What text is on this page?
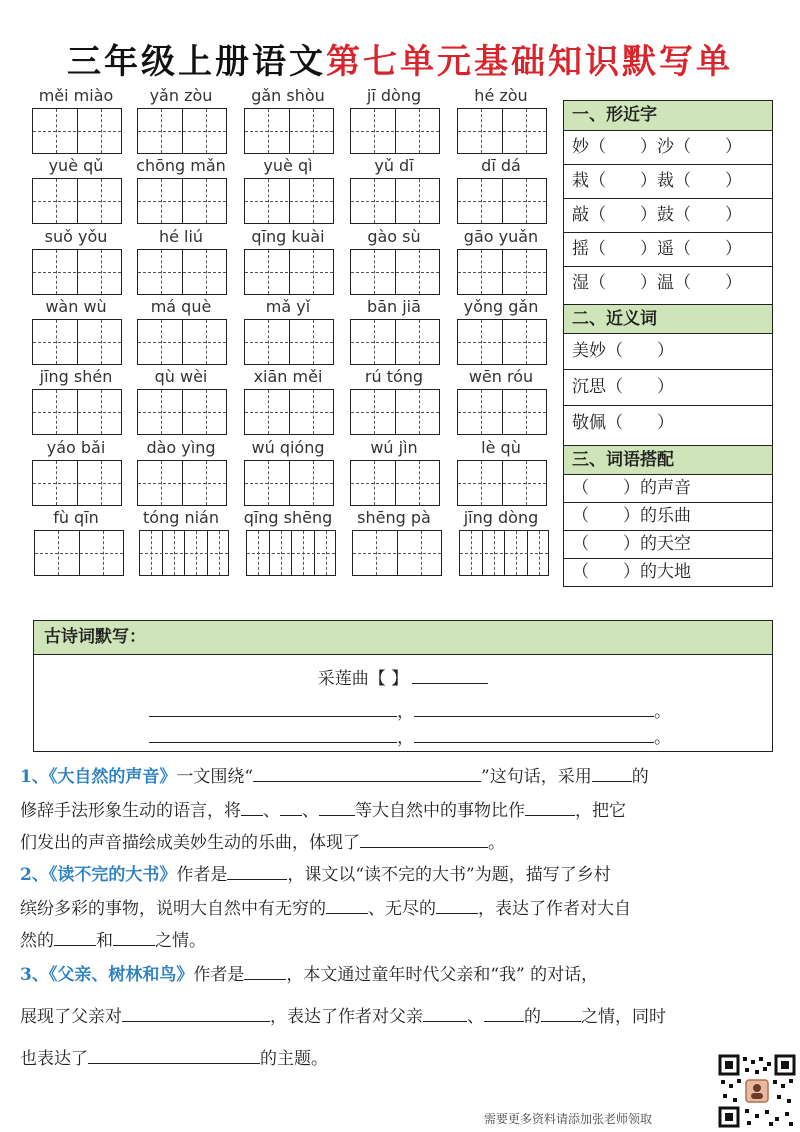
三年级上册语文第七单元基础知识默写单
měi miào	yǎn zòu	gǎn shòu	jī dòng	hé zòu
yuè qǔ	chōng mǎn	yuè qì	yǔ dī	dī dá
suǒ yǒu	hé liú	qīng kuài	gào sù	gāo yuǎn
wàn wù	má què	mǎ yǐ	bān jiā	yǒng gǎn
jīng shén	qù wèi	xiān měi	rú tóng	wēn róu
yáo bǎi	dào yìng	wú qióng	wú jìn	lè qù
fù qīn	tóng nián	qīng shēng	shēng pà	jīng dòng
一、形近字
妙（　　）沙（　　）
栽（　　）裁（　　）
敲（　　）鼓（　　）
摇（　　）遥（　　）
湿（　　）温（　　）
二、近义词
美妙（　　）
沉思（　　）
敬佩（　　）
三、词语搭配
（　　）的声音
（　　）的乐曲
（　　）的天空
（　　）的大地
古诗词默写：
采莲曲【 】
，	。
，	。
1、《大自然的声音》一文围绕“	”这句话，采用 的
修辞手法形象生动的语言，将 、 、 等大自然中的事物比作	，把它
们发出的声音描绘成美妙生动的乐曲，体现了	。
2、《读不完的大书》作者是	，课文以“读不完的大书”为题，描写了乡村
缤纷多彩的事物，说明大自然中有无穷的 、无尽的 ，表达了作者对大自
然的 和 之情。
3、《父亲、树林和鸟》作者是 ，本文通过童年时代父亲和“我” 的对话，
展现了父亲对	，表达了作者对父亲	、 的 之情，同时
也表达了	的主题。
需要更多资料请添加张老师领取
